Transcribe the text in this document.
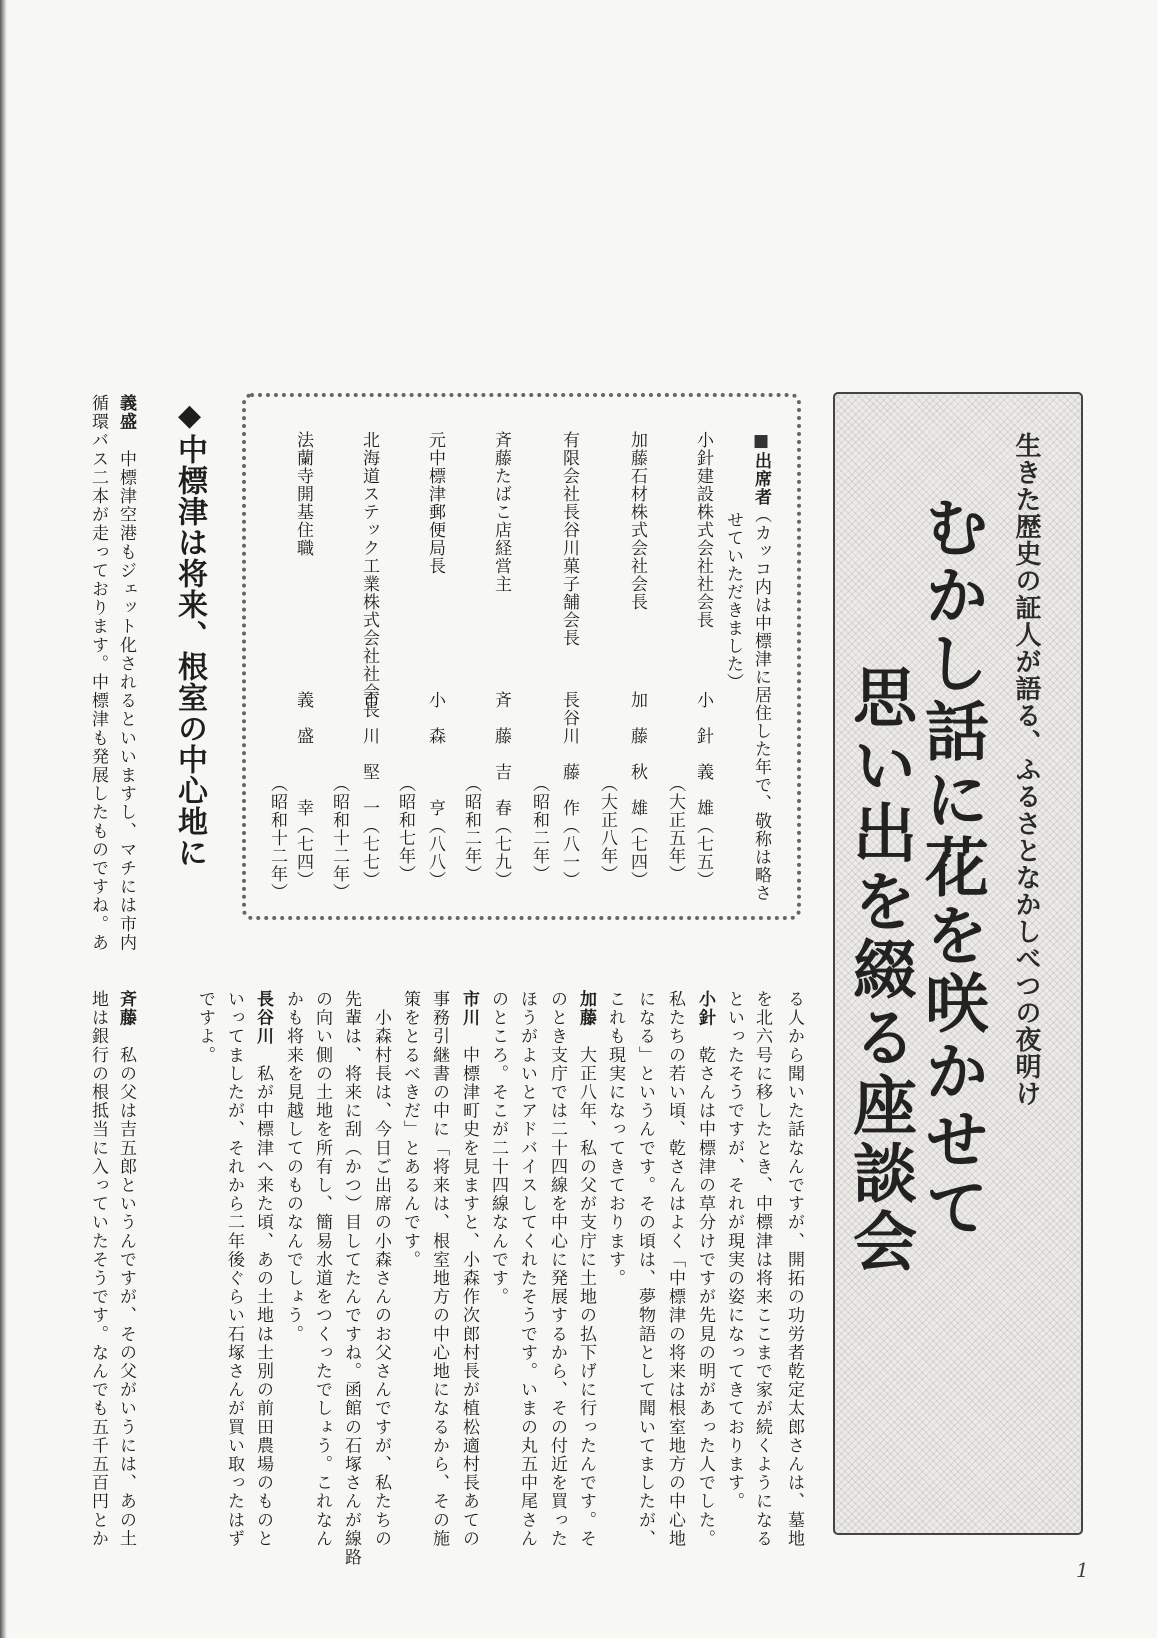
生きた歴史の証人が語る、ふるさとなかしべつの夜明け
むかし話に花を咲かせて
思い出を綴る座談会
■出席者（カッコ内は中標津に居住した年で、敬称は略さ
せていただきました）
小針建設株式会社社会長
小　針　義　雄（七五）
（大正五年）
加藤石材株式会社会長
加　藤　秋　雄（七四）
（大正八年）
有限会社長谷川菓子舗会長
長谷川　藤　作（八一）
（昭和二年）
斉藤たばこ店経営主
斉　藤　吉　春（七九）
（昭和二年）
元中標津郵便局長
小　森　　　亨（八八）
（昭和七年）
北海道ステック工業株式会社社会長
市　川　堅　一（七七）
（昭和十二年）
法蘭寺開基住職
義　盛　　　幸（七四）
（昭和十二年）
◆中標津は将来、根室の中心地に
義盛　中標津空港もジェット化されるといいますし、マチには市内
循環バス二本が走っております。中標津も発展したものですね。あ
る人から聞いた話なんですが、開拓の功労者乾定太郎さんは、墓地
を北六号に移したとき、中標津は将来ここまで家が続くようになる
といったそうですが、それが現実の姿になってきております。
小針　乾さんは中標津の草分けですが先見の明があった人でした。
私たちの若い頃、乾さんはよく「中標津の将来は根室地方の中心地
になる」というんです。その頃は、夢物語として聞いてましたが、
これも現実になってきております。
加藤　大正八年、私の父が支庁に土地の払下げに行ったんです。そ
のとき支庁では二十四線を中心に発展するから、その付近を買った
ほうがよいとアドバイスしてくれたそうです。いまの丸五中尾さん
のところ。そこが二十四線なんです。
市川　中標津町史を見ますと、小森作次郎村長が植松適村長あての
事務引継書の中に「将来は、根室地方の中心地になるから、その施
策をとるべきだ」とあるんです。
　小森村長は、今日ご出席の小森さんのお父さんですが、私たちの
先輩は、将来に刮（かつ）目してたんですね。函館の石塚さんが線路
の向い側の土地を所有し、簡易水道をつくったでしょう。これなん
かも将来を見越してのものなんでしょう。
長谷川　私が中標津へ来た頃、あの土地は士別の前田農場のものと
いってましたが、それから二年後ぐらい石塚さんが買い取ったはず
ですよ。
斉藤　私の父は吉五郎というんですが、その父がいうには、あの土
地は銀行の根抵当に入っていたそうです。なんでも五千五百円とか
1
